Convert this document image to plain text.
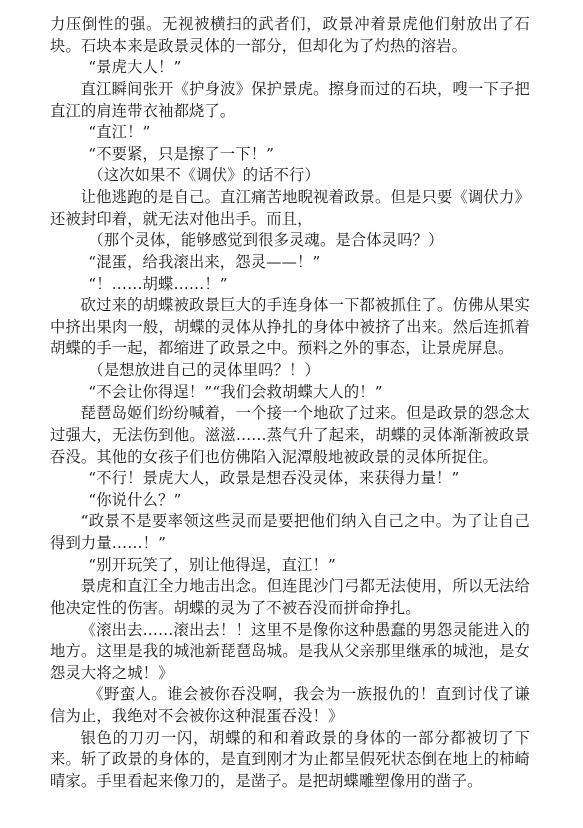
力压倒性的强。无视被横扫的武者们，政景冲着景虎他们射放出了石块。石块本来是政景灵体的一部分，但却化为了灼热的溶岩。

“景虎大人！”

直江瞬间张开《护身波》保护景虎。擦身而过的石块，嗖一下子把直江的肩连带衣袖都烧了。

“直江！”

“不要紧，只是擦了一下！”

（这次如果不《调伏》的话不行）

让他逃跑的是自己。直江痛苦地睨视着政景。但是只要《调伏力》还被封印着，就无法对他出手。而且，

（那个灵体，能够感觉到很多灵魂。是合体灵吗？）

“混蛋，给我滚出来，怨灵——！”

“！……胡蝶……！”

砍过来的胡蝶被政景巨大的手连身体一下都被抓住了。仿佛从果实中挤出果肉一般，胡蝶的灵体从挣扎的身体中被挤了出来。然后连抓着胡蝶的手一起，都缩进了政景之中。预料之外的事态，让景虎屏息。

（是想放进自己的灵体里吗？！）

“不会让你得逞！”“我们会救胡蝶大人的！”

琵琶岛姬们纷纷喊着，一个接一个地砍了过来。但是政景的怨念太过强大，无法伤到他。滋滋……蒸气升了起来，胡蝶的灵体渐渐被政景吞没。其他的女孩子们也仿佛陷入泥潭般地被政景的灵体所捉住。

“不行！景虎大人，政景是想吞没灵体，来获得力量！”

“你说什么？”

“政景不是要率领这些灵而是要把他们纳入自己之中。为了让自己得到力量……！”

“别开玩笑了，别让他得逞，直江！”

景虎和直江全力地击出念。但连毘沙门弓都无法使用，所以无法给他决定性的伤害。胡蝶的灵为了不被吞没而拼命挣扎。

《滚出去……滚出去！！这里不是像你这种愚蠢的男怨灵能进入的地方。这里是我的城池新琵琶岛城。是我从父亲那里继承的城池，是女怨灵大将之城！》

《野蛮人。谁会被你吞没啊，我会为一族报仇的！直到讨伐了谦信为止，我绝对不会被你这种混蛋吞没！》

银色的刀刃一闪，胡蝶的和和着政景的身体的一部分都被切了下来。斩了政景的身体的，是直到刚才为止都呈假死状态倒在地上的柿崎晴家。手里看起来像刀的，是凿子。是把胡蝶雕塑像用的凿子。
